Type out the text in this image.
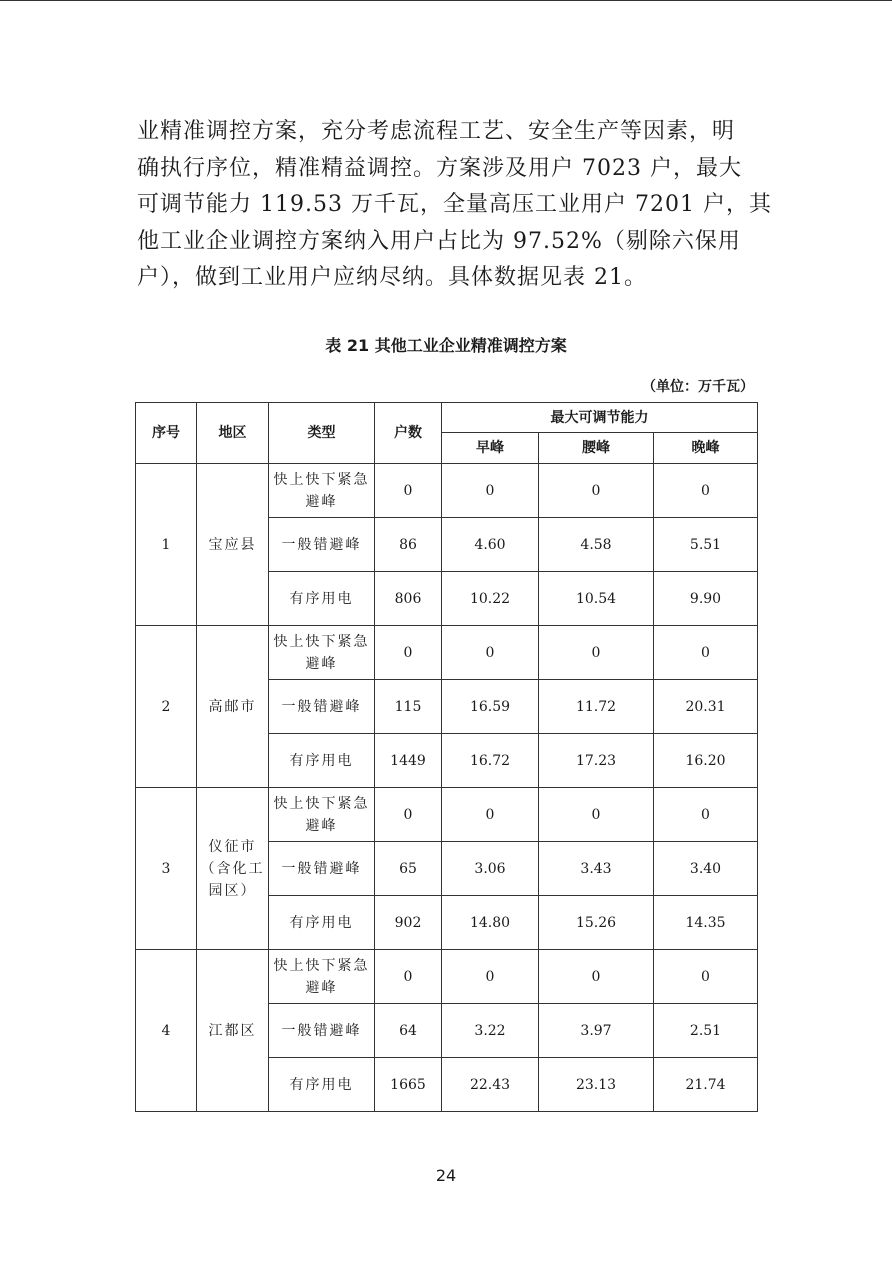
业精准调控方案，充分考虑流程工艺、安全生产等因素，明

确执行序位，精准精益调控。方案涉及用户 7023 户，最大

可调节能力 119.53 万千瓦，全量高压工业用户 7201 户，其

他工业企业调控方案纳入用户占比为 97.52%（剔除六保用

户），做到工业用户应纳尽纳。具体数据见表 21。

表 21 其他工业企业精准调控方案
（单位：万千瓦）
序号	地区	类型	户数	最大可调节能力		
				早峰	腰峰	晚峰
1	宝应县	快上快下紧急避峰	0	0	0	0
		一般错避峰	86	4.60	4.58	5.51
		有序用电	806	10.22	10.54	9.90
2	高邮市	快上快下紧急避峰	0	0	0	0
		一般错避峰	115	16.59	11.72	20.31
		有序用电	1449	16.72	17.23	16.20
3	仪征市（含化工园区）	快上快下紧急避峰	0	0	0	0
		一般错避峰	65	3.06	3.43	3.40
		有序用电	902	14.80	15.26	14.35
4	江都区	快上快下紧急避峰	0	0	0	0
		一般错避峰	64	3.22	3.97	2.51
		有序用电	1665	22.43	23.13	21.74
24
